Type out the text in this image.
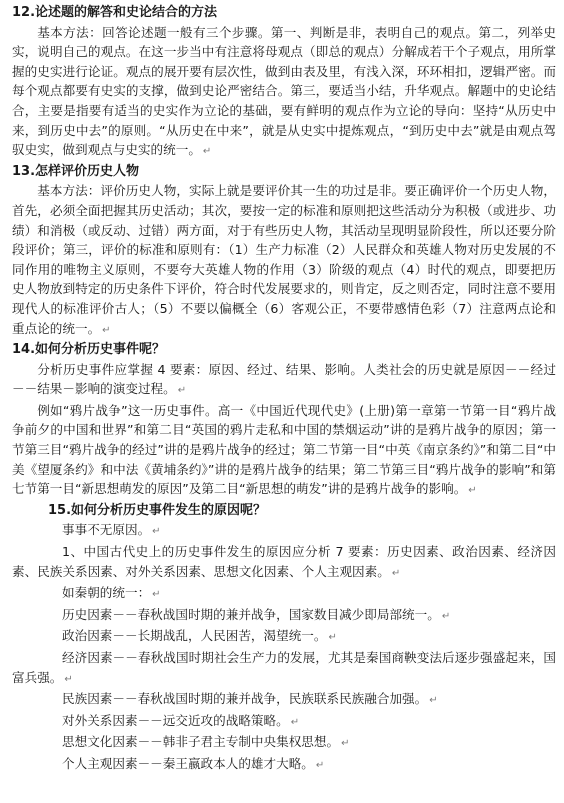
12.论述题的解答和史论结合的方法

基本方法：回答论述题一般有三个步骤。第一、判断是非，表明自己的观点。第二，列举史实，说明自己的观点。在这一步当中有注意将母观点（即总的观点）分解成若干个子观点，用所掌握的史实进行论证。观点的展开要有层次性，做到由表及里，有浅入深，环环相扣，逻辑严密。而每个观点都要有史实的支撑，做到史论严密结合。第三，要适当小结，升华观点。解题中的史论结合，主要是指要有适当的史实作为立论的基础，要有鲜明的观点作为立论的导向：坚持“从历史中来，到历史中去”的原则。“从历史在中来”，就是从史实中提炼观点，“到历史中去”就是由观点驾驭史实，做到观点与史实的统一。 ↵

13.怎样评价历史人物

基本方法：评价历史人物，实际上就是要评价其一生的功过是非。要正确评价一个历史人物，首先，必须全面把握其历史活动；其次，要按一定的标准和原则把这些活动分为积极（或进步、功绩）和消极（或反动、过错）两方面，对于有些历史人物，其活动呈现明显阶段性，所以还要分阶段评价；第三，评价的标准和原则有：（1）生产力标准（2）人民群众和英雄人物对历史发展的不同作用的唯物主义原则，不要夸大英雄人物的作用（3）阶级的观点（4）时代的观点，即要把历史人物放到特定的历史条件下评价，符合时代发展要求的，则肯定，反之则否定，同时注意不要用现代人的标准评价古人；（5）不要以偏概全（6）客观公正，不要带感情色彩（7）注意两点论和重点论的统一。 ↵

14.如何分析历史事件呢？

分析历史事件应掌握 4 要素：原因、经过、结果、影响。人类社会的历史就是原因－－经过－－结果－影响的演变过程。 ↵

例如“鸦片战争”这一历史事件。高一《中国近代现代史》(上册)第一章第一节第一目“鸦片战争前夕的中国和世界”和第二目“英国的鸦片走私和中国的禁烟运动”讲的是鸦片战争的原因；第一节第三目“鸦片战争的经过”讲的是鸦片战争的经过；第二节第一目“中英《南京条约》”和第二目“中美《望厦条约》和中法《黄埔条约》”讲的是鸦片战争的结果；第二节第三目“鸦片战争的影响”和第七节第一目“新思想萌发的原因”及第二目“新思想的萌发”讲的是鸦片战争的影响。 ↵

15.如何分析历史事件发生的原因呢？

事事不无原因。 ↵

1、中国古代史上的历史事件发生的原因应分析 7 要素：历史因素、政治因素、经济因素、民族关系因素、对外关系因素、思想文化因素、个人主观因素。 ↵

如秦朝的统一： ↵

历史因素－－春秋战国时期的兼并战争，国家数目减少即局部统一。 ↵

政治因素－－长期战乱，人民困苦，渴望统一。 ↵

经济因素－－春秋战国时期社会生产力的发展，尤其是秦国商鞅变法后逐步强盛起来，国富兵强。 ↵

民族因素－－春秋战国时期的兼并战争，民族联系民族融合加强。 ↵

对外关系因素－－远交近攻的战略策略。 ↵

思想文化因素－－韩非子君主专制中央集权思想。 ↵

个人主观因素－－秦王嬴政本人的雄才大略。 ↵
